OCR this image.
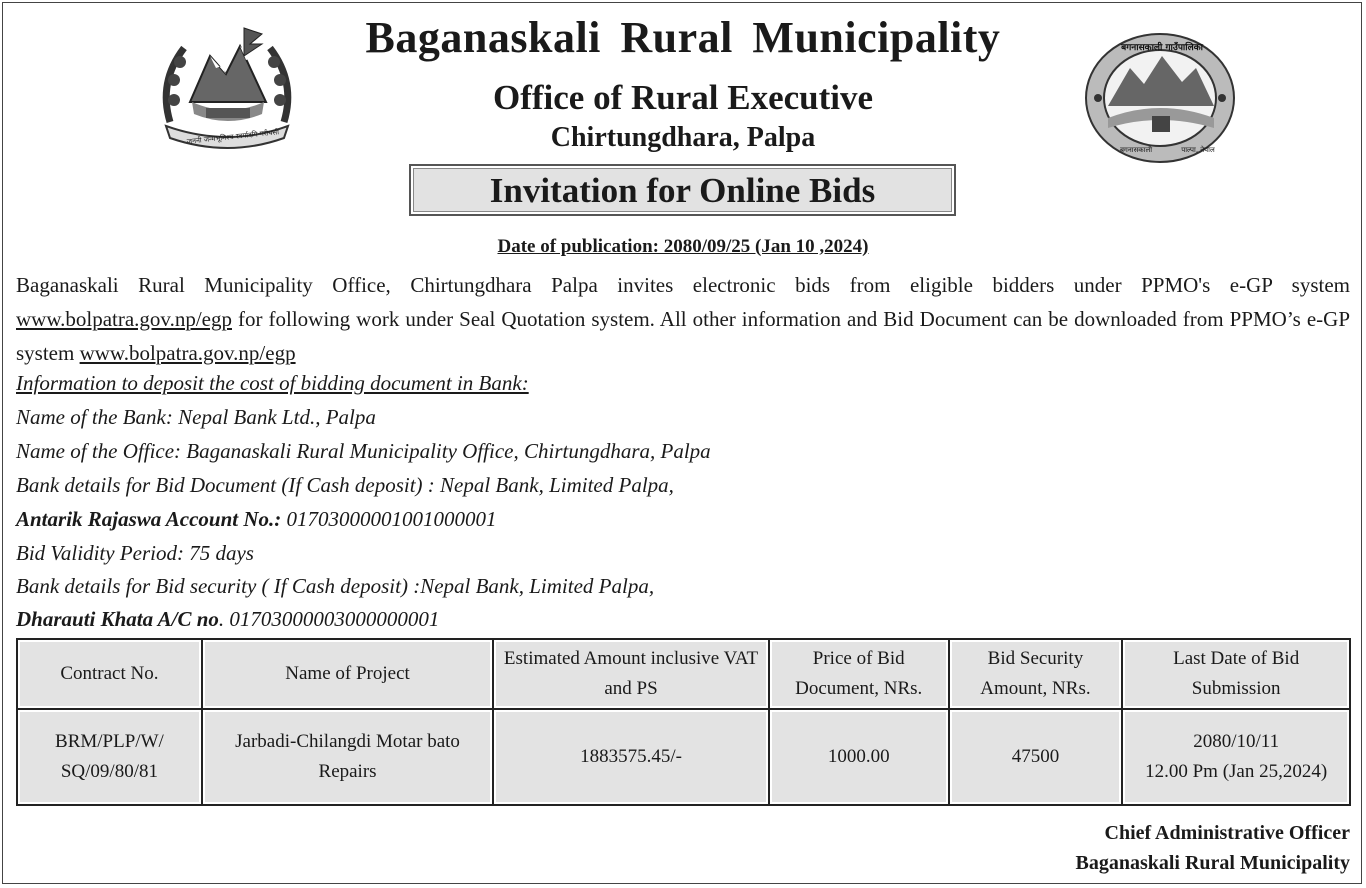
जननी जन्मभूमिश्च स्वर्गादपि गरीयसी
बगनासकाली गाउँपालिका
बगनासकाली	पाल्पा, नेपाल
Baganaskali Rural Municipality
Office of Rural Executive
Chirtungdhara, Palpa
Invitation for Online Bids
Date of publication: 2080/09/25 (Jan 10 ,2024)
Baganaskali Rural Municipality Office, Chirtungdhara Palpa invites electronic bids from eligible bidders under PPMO's e-GP system www.bolpatra.gov.np/egp for following work under Seal Quotation system. All other information and Bid Document can be downloaded from PPMO’s e-GP system www.bolpatra.gov.np/egp
Information to deposit the cost of bidding document in Bank:
Name of the Bank: Nepal Bank Ltd., Palpa
Name of the Office: Baganaskali Rural Municipality Office, Chirtungdhara, Palpa
Bank details for Bid Document (If Cash deposit) : Nepal Bank, Limited Palpa,
Antarik Rajaswa Account No.: 01703000001001000001
Bid Validity Period: 75 days
Bank details for Bid security ( If Cash deposit) :Nepal Bank, Limited Palpa,
Dharauti Khata A/C no. 01703000003000000001
Contract No.	Name of Project	Estimated Amount inclusive VAT and PS	Price of Bid Document, NRs.	Bid Security Amount, NRs.	Last Date of Bid Submission
BRM/PLP/W/ SQ/09/80/81	Jarbadi-Chilangdi Motar bato Repairs	1883575.45/-	1000.00	47500	2080/10/11
12.00 Pm (Jan 25,2024)
Chief Administrative Officer
Baganaskali Rural Municipality
